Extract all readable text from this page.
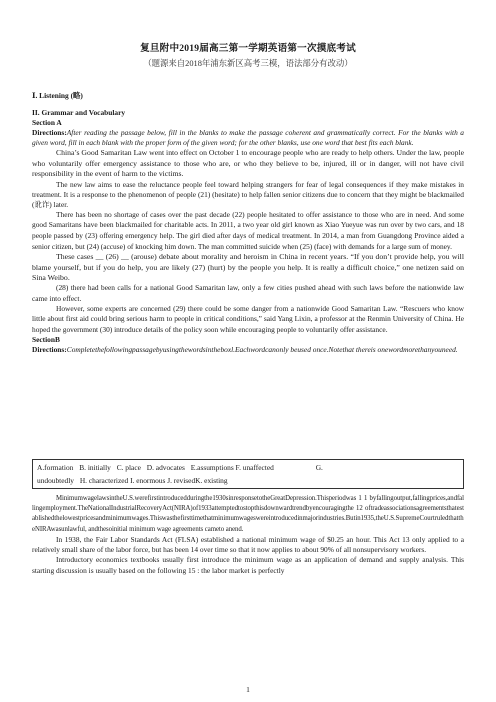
复旦附中2019届高三第一学期英语第一次摸底考试
（题源来自2018年浦东新区高考三模，语法部分有改动）
Ⅰ. Listening (略)
II. Grammar and Vocabulary
Section A

Directions:After reading the passage below, fill in the blanks to make the passage coherent and grammatically correct. For the blanks with a given word, fill in each blank with the proper form of the given word; for the other blanks, use one word that best fits each blank.

China’s Good Samaritan Law went into effect on October 1 to encourage people who are ready to help others. Under the law, people who voluntarily offer emergency assistance to those who are, or who they believe to be, injured, ill or in danger, will not have civil responsibility in the event of harm to the victims.

The new law aims to ease the reluctance people feel toward helping strangers for fear of legal consequences if they make mistakes in treatment. It is a response to the phenomenon of people (21) (hesitate) to help fallen senior citizens due to concern that they might be blackmailed (讹诈) later.

There has been no shortage of cases over the past decade (22) people hesitated to offer assistance to those who are in need. And some good Samaritans have been blackmailed for charitable acts. In 2011, a two year old girl known as Xiao Yueyue was run over by two cars, and 18 people passed by (23) offering emergency help. The girl died after days of medical treatment. In 2014, a man from Guangdong Province aided a senior citizen, but (24) (accuse) of knocking him down. The man committed suicide when (25) (face) with demands for a large sum of money.

These cases __ (26) __ (arouse) debate about morality and heroism in China in recent years. “If you don’t provide help, you will blame yourself, but if you do help, you are likely (27) (hurt) by the people you help. It is really a difficult choice,” one netizen said on Sina Weibo.

(28) there had been calls for a national Good Samaritan law, only a few cities pushed ahead with such laws before the nationwide law came into effect.

However, some experts are concerned (29) there could be some danger from a nationwide Good Samaritan Law. “Rescuers who know little about first aid could bring serious harm to people in critical conditions,” said Yang Lixin, a professor at the Renmin University of China. He hoped the government (30) introduce details of the policy soon while encouraging people to voluntarily offer assistance.

SectionB

Directions:Completethefollowingpassagebyusingthewordsintheboxl.Eachwordcanonly beused once.Notethat thereis onewordmorethanyouneed.

A.formation B. initially C. place D. advocates E.assumptions F. unaffected	G.
undoubtedly H. characterized I. enormous J. revisedK. existing

MinimumwagelawsintheU.S.werefirstintroducedduringthe1930sinresponsetotheGreatDepression.Thisperiodwas 1 1 byfallingoutput,fallingprices,andfallingemployment.TheNationalIndustrialRecoveryAct(NIRA)of1933attemptedtostopthisdownwardtrendbyencouragingthe 12 oftradeassociationsagreementsthatestablishedthelowestpricesandminimumwages.Thiswasthefirsttimethatminimumwageswereintroducedinmajorindustries.Butin1935,theU.S.SupremeCourtruledthattheNIRAwasunlawful, andthesoinitial minimum wage agreements cameto anend.

In 1938, the Fair Labor Standards Act (FLSA) established a national minimum wage of $0.25 an hour. This Act 13 only applied to a relatively small share of the labor force, but has been 14 over time so that it now applies to about 90% of all nonsupervisory workers.

Introductory economics textbooks usually first introduce the minimum wage as an application of demand and supply analysis. This starting discussion is usually based on the following 15 : the labor market is perfectly

1
